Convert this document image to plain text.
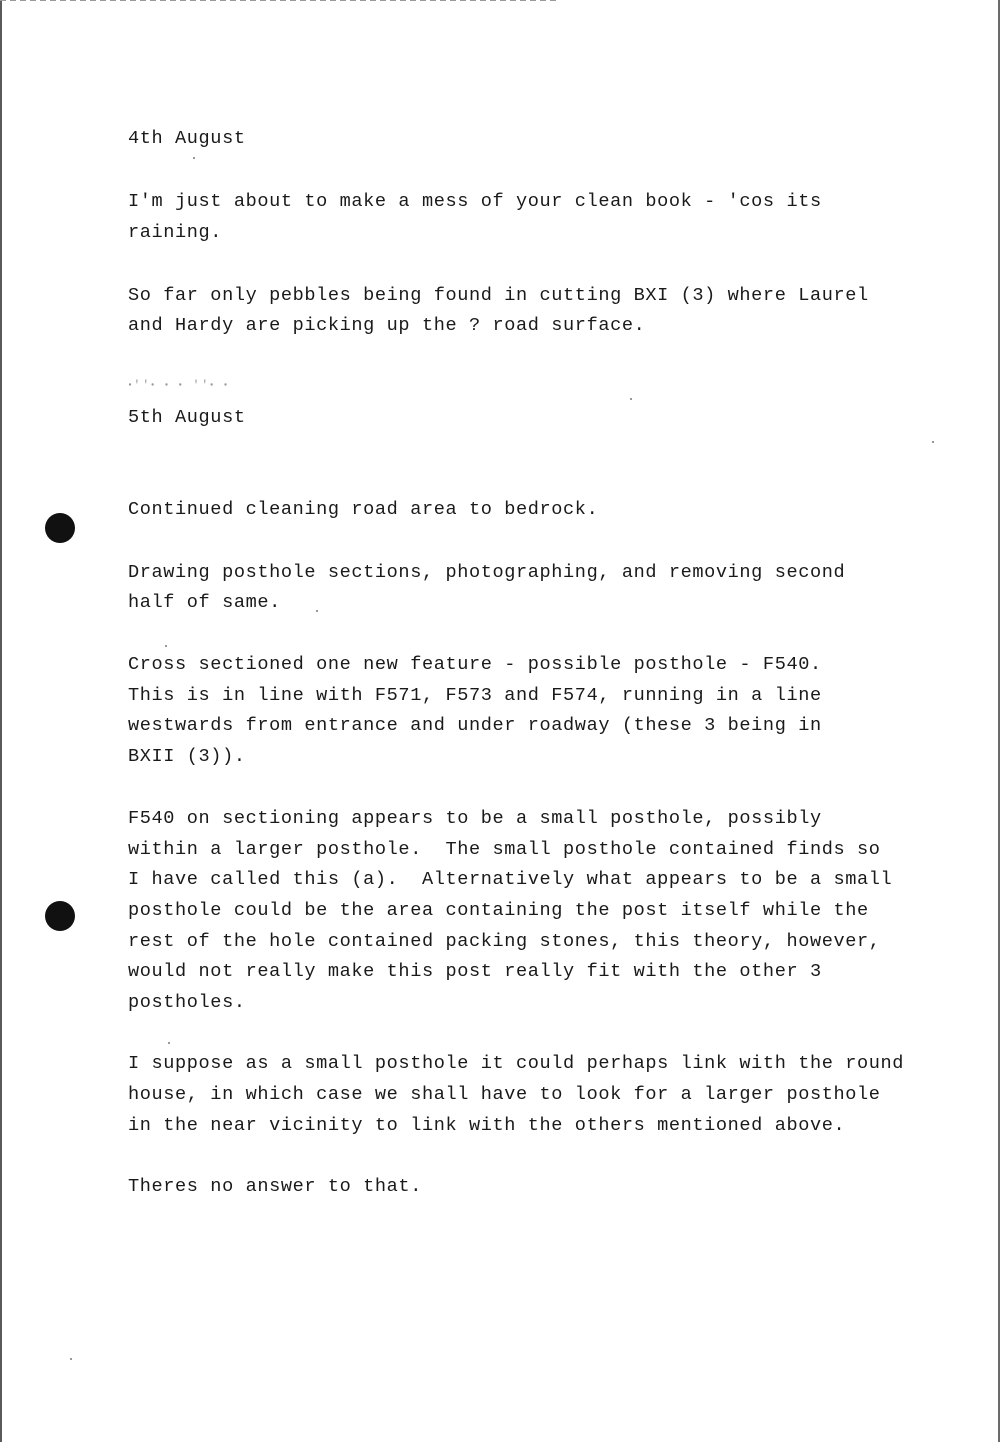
ꞏꞌꞌꞏ ꞏ ꞏ ꞌꞌꞏ ꞏ
4th August
I'm just about to make a mess of your clean book - 'cos its
raining.
So far only pebbles being found in cutting BXI (3) where Laurel
and Hardy are picking up the ? road surface.
5th August
Continued cleaning road area to bedrock.
Drawing posthole sections, photographing, and removing second
half of same.
Cross sectioned one new feature - possible posthole - F540.
This is in line with F571, F573 and F574, running in a line
westwards from entrance and under roadway (these 3 being in
BXII (3)).
F540 on sectioning appears to be a small posthole, possibly
within a larger posthole.  The small posthole contained finds so
I have called this (a).  Alternatively what appears to be a small
posthole could be the area containing the post itself while the
rest of the hole contained packing stones, this theory, however,
would not really make this post really fit with the other 3
postholes.
I suppose as a small posthole it could perhaps link with the round
house, in which case we shall have to look for a larger posthole
in the near vicinity to link with the others mentioned above.
Theres no answer to that.
